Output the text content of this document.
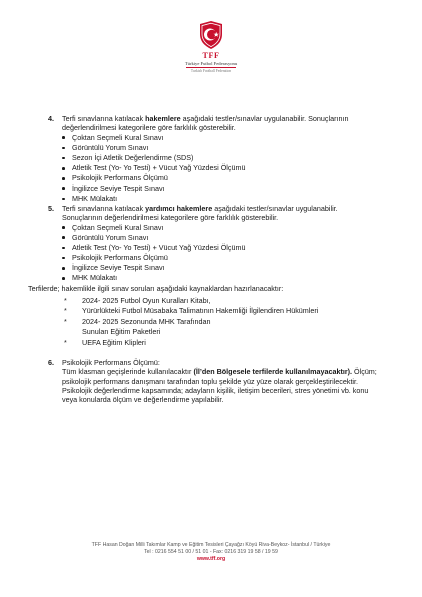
TFF
Türkiye Futbol Federasyonu
Turkish Football Federation
4.	Terfi sınavlarına katılacak hakemlere aşağıdaki testler/sınavlar uygulanabilir. Sonuçlarının değerlendirilmesi kategorilere göre farklılık gösterebilir.
Çoktan Seçmeli Kural Sınavı
Görüntülü Yorum Sınavı
Sezon İçi Atletik Değerlendirme (SDS)
Atletik Test (Yo- Yo Testi) + Vücut Yağ Yüzdesi Ölçümü
Psikolojik Performans Ölçümü
İngilizce Seviye Tespit Sınavı
MHK Mülakatı
5.	Terfi sınavlarına katılacak yardımcı hakemlere aşağıdaki testler/sınavlar uygulanabilir. Sonuçlarının değerlendirilmesi kategorilere göre farklılık gösterebilir.
Çoktan Seçmeli Kural Sınavı
Görüntülü Yorum Sınavı
Atletik Test (Yo- Yo Testi) + Vücut Yağ Yüzdesi Ölçümü
Psikolojik Performans Ölçümü
İngilizce Seviye Tespit Sınavı
MHK Mülakatı
Terfilerde; hakemlikle ilgili sınav soruları aşağıdaki kaynaklardan hazırlanacaktır:
* 2024- 2025 Futbol Oyun Kuralları Kitabı,
* Yürürlükteki Futbol Müsabaka Talimatının Hakemliği İlgilendiren Hükümleri
* 2024- 2025 Sezonunda MHK Tarafından Sunulan Eğitim Paketleri
* UEFA Eğitim Klipleri
6.	Psikolojik Performans Ölçümü:
Tüm klasman geçişlerinde kullanılacaktır (İl’den Bölgesele terfilerde kullanılmayacaktır). Ölçüm; psikolojik performans danışmanı tarafından toplu şekilde yüz yüze olarak gerçekleştirilecektir. Psikolojik değerlendirme kapsamında; adayların kişilik, iletişim becerileri, stres yönetimi vb. konu veya konularda ölçüm ve değerlendirme yapılabilir.
TFF Hasan Doğan Milli Takımlar Kamp ve Eğitim Tesisleri Çayağzı Köyü Riva-Beykoz- İstanbul / Türkiye
Tel : 0216 554 51 00 / 51 01 - Fax: 0216 319 19 58 / 19 59
www.tff.org
